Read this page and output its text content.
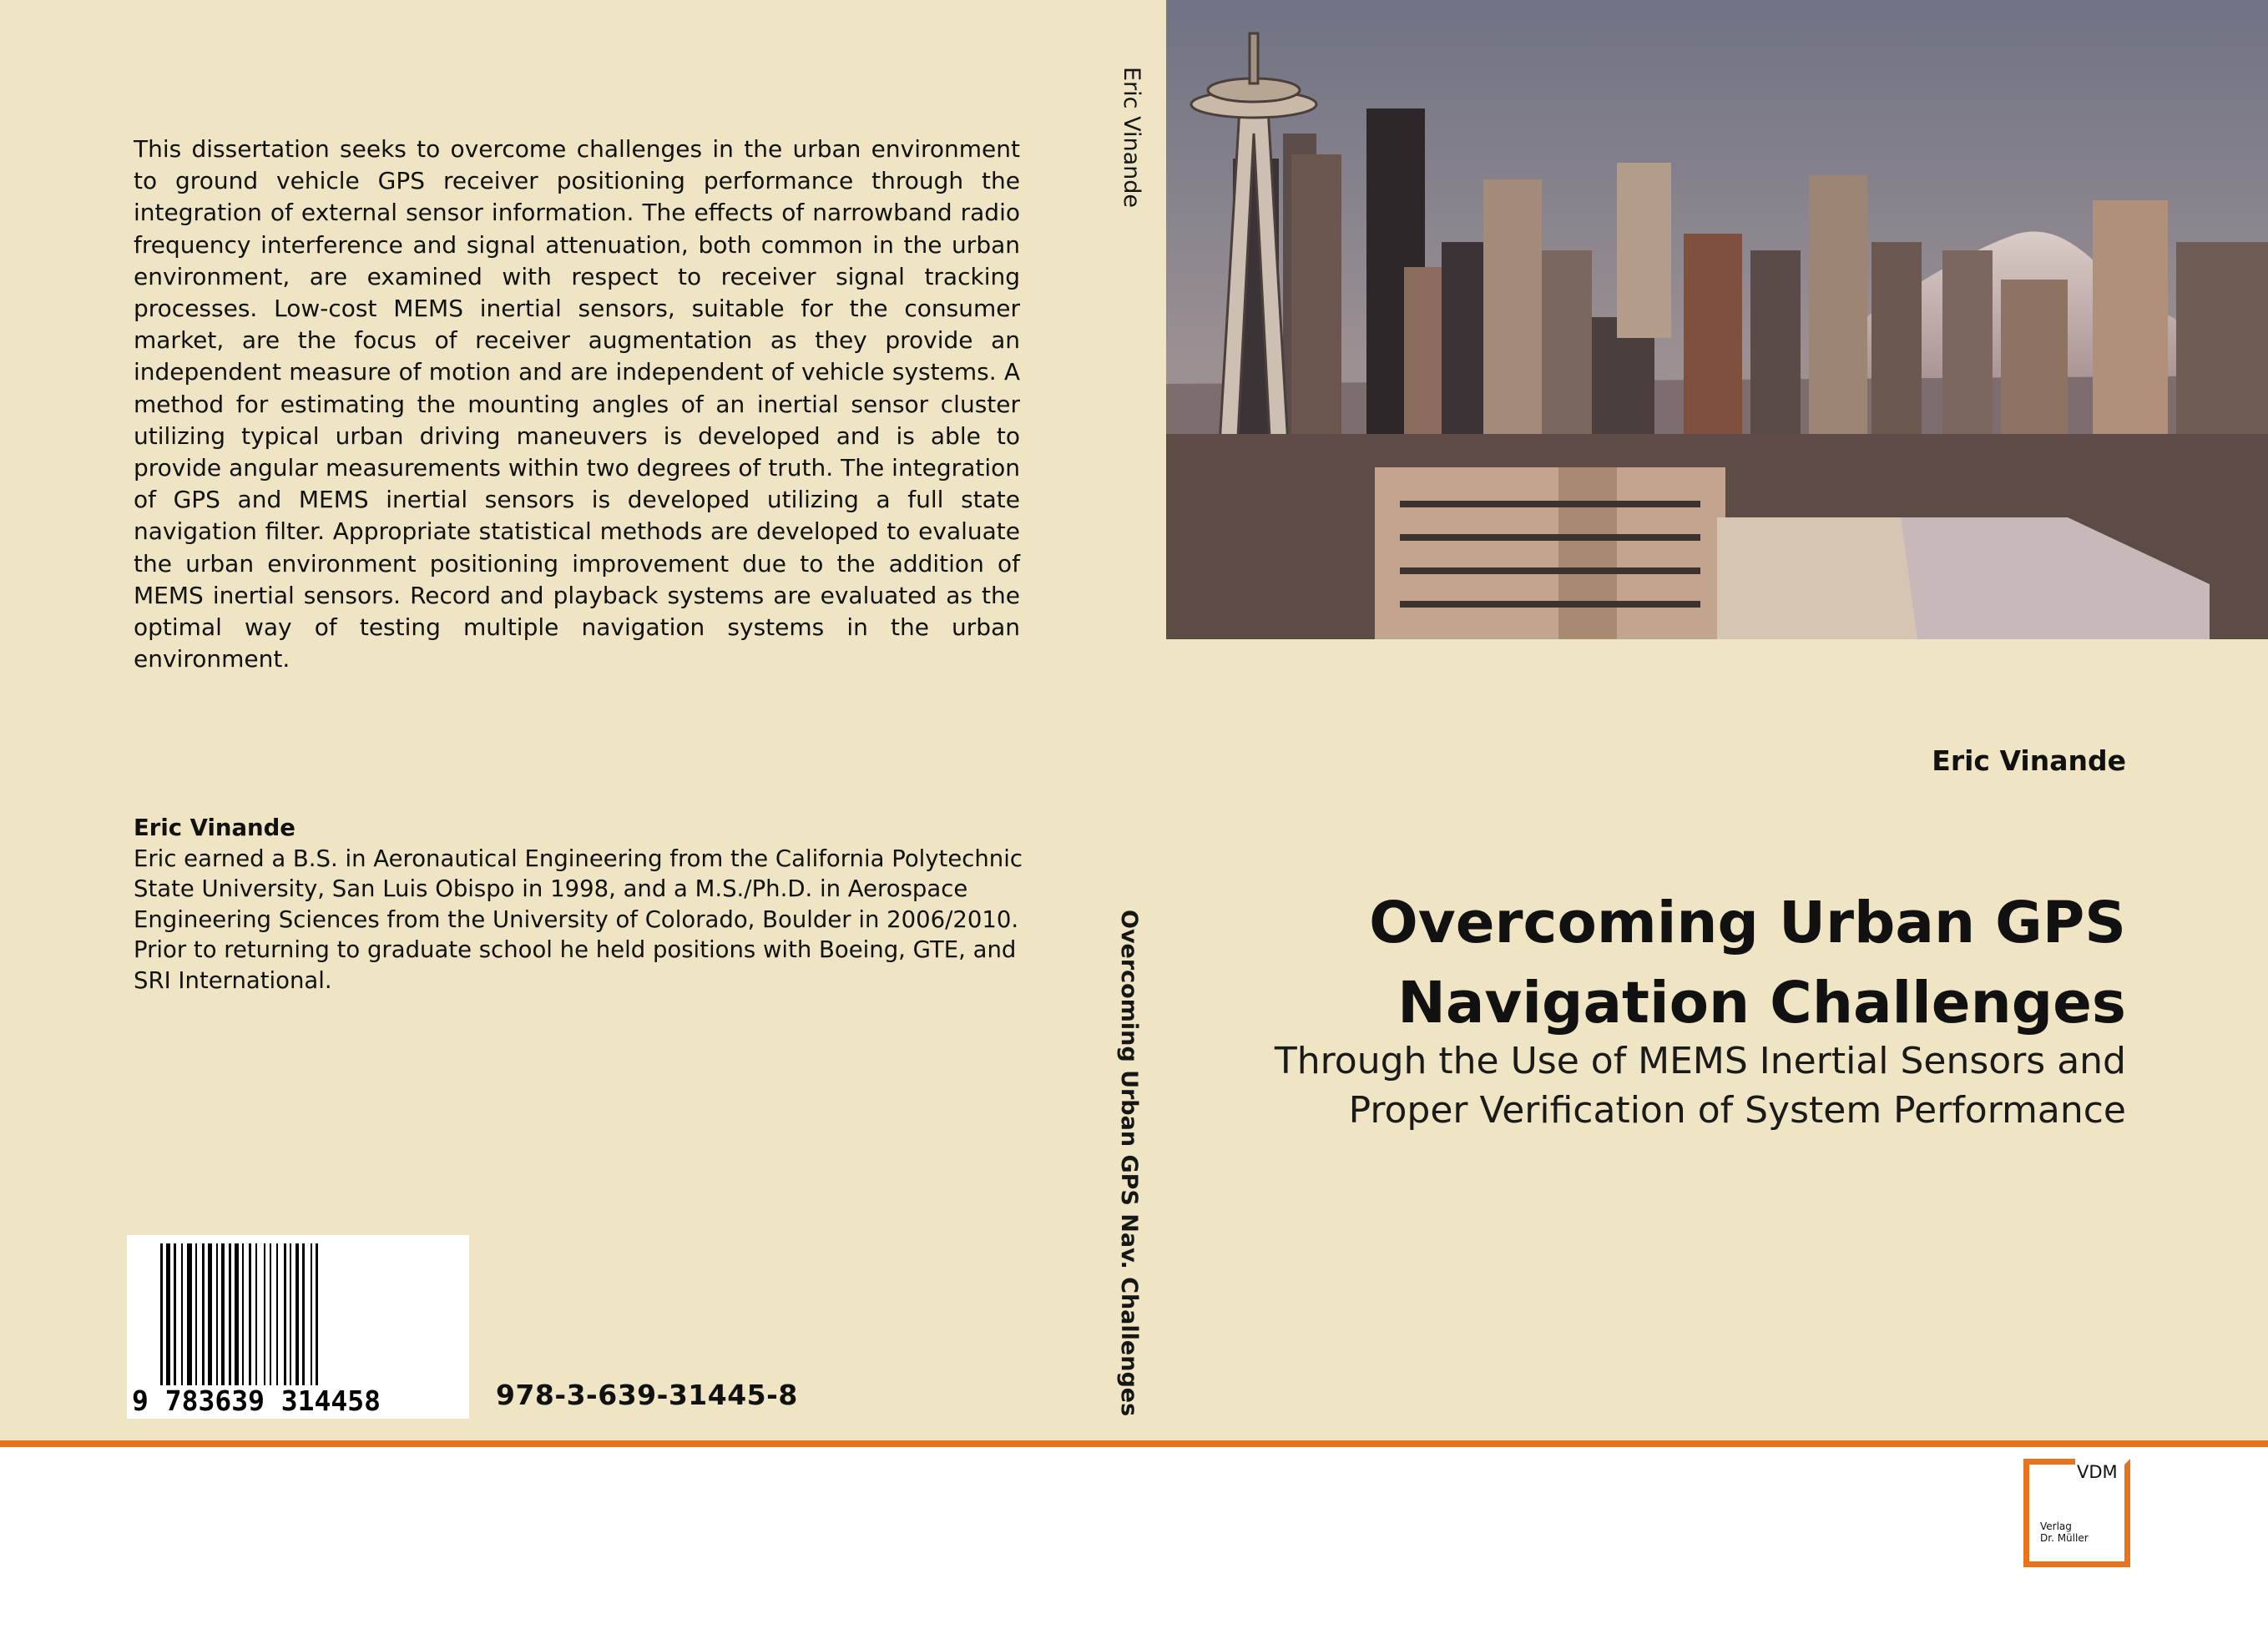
This dissertation seeks to overcome challenges in the urban environment to ground vehicle GPS receiver positioning performance through the integration of external sensor information. The effects of narrowband radio frequency interference and signal attenuation, both common in the urban environment, are examined with respect to receiver signal tracking processes. Low-cost MEMS inertial sensors, suitable for the consumer market, are the focus of receiver augmentation as they provide an independent measure of motion and are independent of vehicle systems. A method for estimating the mounting angles of an inertial sensor cluster utilizing typical urban driving maneuvers is developed and is able to provide angular measurements within two degrees of truth. The integration of GPS and MEMS inertial sensors is developed utilizing a full state navigation filter. Appropriate statistical methods are developed to evaluate the urban environment positioning improvement due to the addition of MEMS inertial sensors. Record and playback systems are evaluated as the optimal way of testing multiple navigation systems in the urban environment.

Eric Vinande
Eric earned a B.S. in Aeronautical Engineering from the California Polytechnic
State University, San Luis Obispo in 1998, and a M.S./Ph.D. in Aerospace
Engineering Sciences from the University of Colorado, Boulder in 2006/2010.
Prior to returning to graduate school he held positions with Boeing, GTE, and
SRI International.
9 783639 314458	978-3-639-31445-8
Eric Vinande
Overcoming Urban GPS Nav. Challenges
Eric Vinande
Overcoming Urban GPS
Navigation Challenges
Through the Use of MEMS Inertial Sensors and
Proper Verification of System Performance
VDM
Verlag
Dr. Müller
